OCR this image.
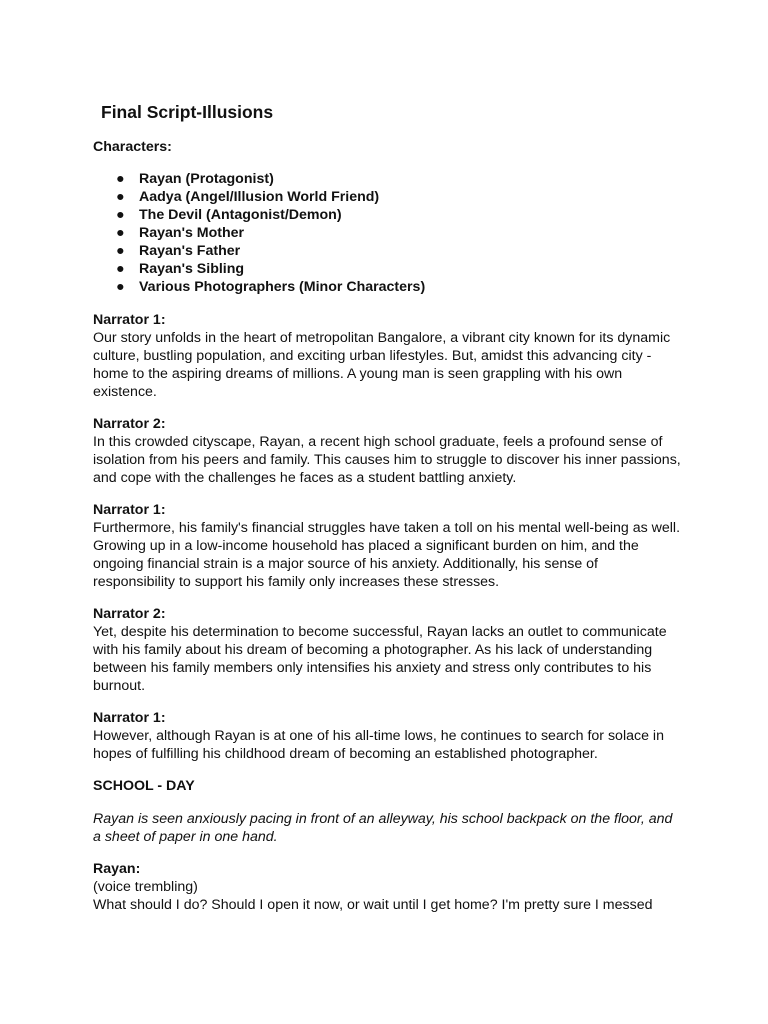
Final Script-Illusions
Characters:
● Rayan (Protagonist)
● Aadya (Angel/Illusion World Friend)
● The Devil (Antagonist/Demon)
● Rayan's Mother
● Rayan's Father
● Rayan's Sibling
● Various Photographers (Minor Characters)
Narrator 1:
Our story unfolds in the heart of metropolitan Bangalore, a vibrant city known for its dynamic culture, bustling population, and exciting urban lifestyles. But, amidst this advancing city - home to the aspiring dreams of millions. A young man is seen grappling with his own existence.
Narrator 2:
In this crowded cityscape, Rayan, a recent high school graduate, feels a profound sense of isolation from his peers and family. This causes him to struggle to discover his inner passions, and cope with the challenges he faces as a student battling anxiety.
Narrator 1:
Furthermore, his family's financial struggles have taken a toll on his mental well-being as well. Growing up in a low-income household has placed a significant burden on him, and the ongoing financial strain is a major source of his anxiety. Additionally, his sense of responsibility to support his family only increases these stresses.
Narrator 2:
Yet, despite his determination to become successful, Rayan lacks an outlet to communicate with his family about his dream of becoming a photographer. As his lack of understanding between his family members only intensifies his anxiety and stress only contributes to his burnout.
Narrator 1:
However, although Rayan is at one of his all-time lows, he continues to search for solace in hopes of fulfilling his childhood dream of becoming an established photographer.
SCHOOL - DAY
Rayan is seen anxiously pacing in front of an alleyway, his school backpack on the floor, and a sheet of paper in one hand.
Rayan:
(voice trembling)
What should I do? Should I open it now, or wait until I get home? I'm pretty sure I messed
